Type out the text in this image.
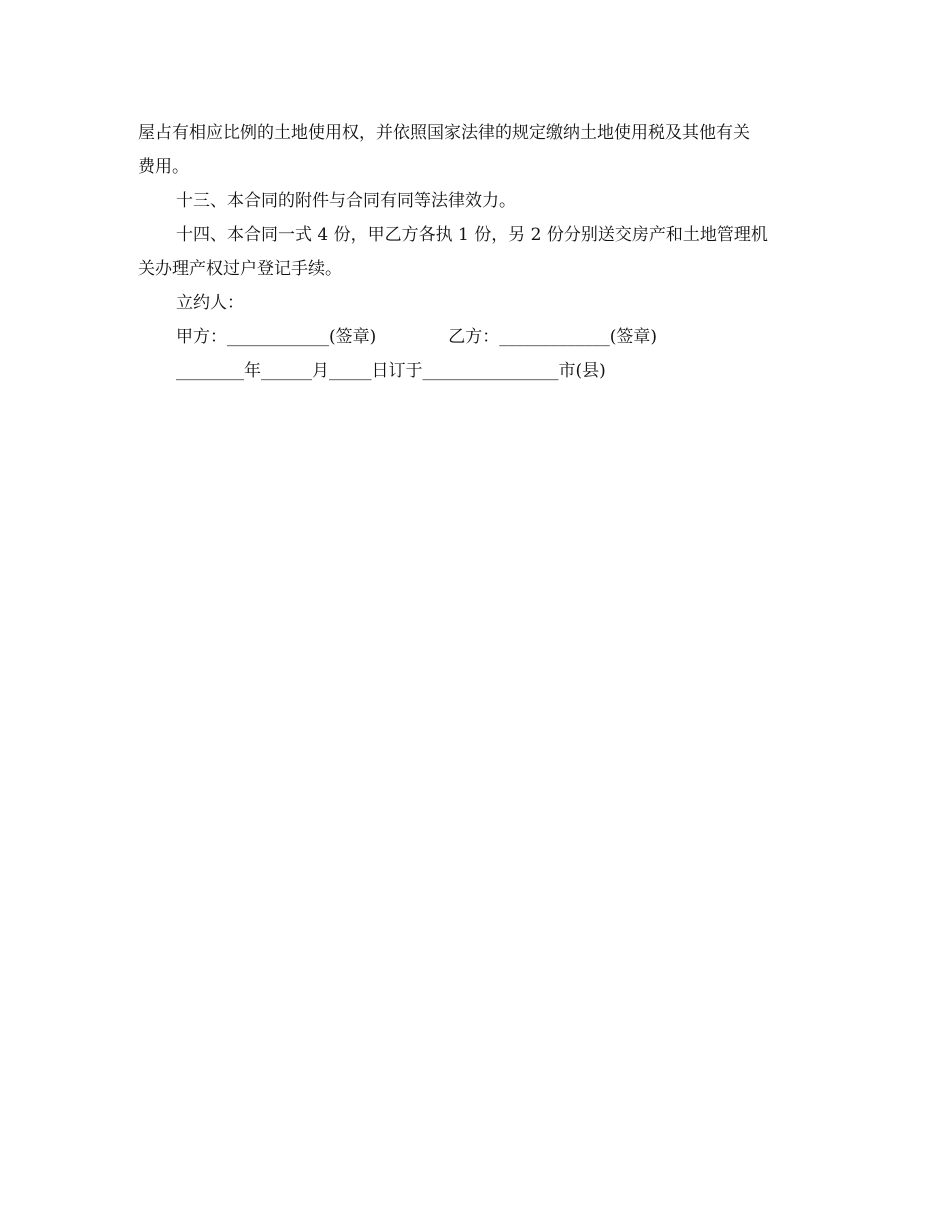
屋占有相应比例的土地使用权，并依照国家法律的规定缴纳土地使用税及其他有关
费用。
十三、本合同的附件与合同有同等法律效力。
十四、本合同一式 4 份，甲乙方各执 1 份，另 2 份分别送交房产和土地管理机
关办理产权过户登记手续。
立约人：
甲方：____________(签章)	乙方：_____________(签章)
________年______月_____日订于________________市(县)
